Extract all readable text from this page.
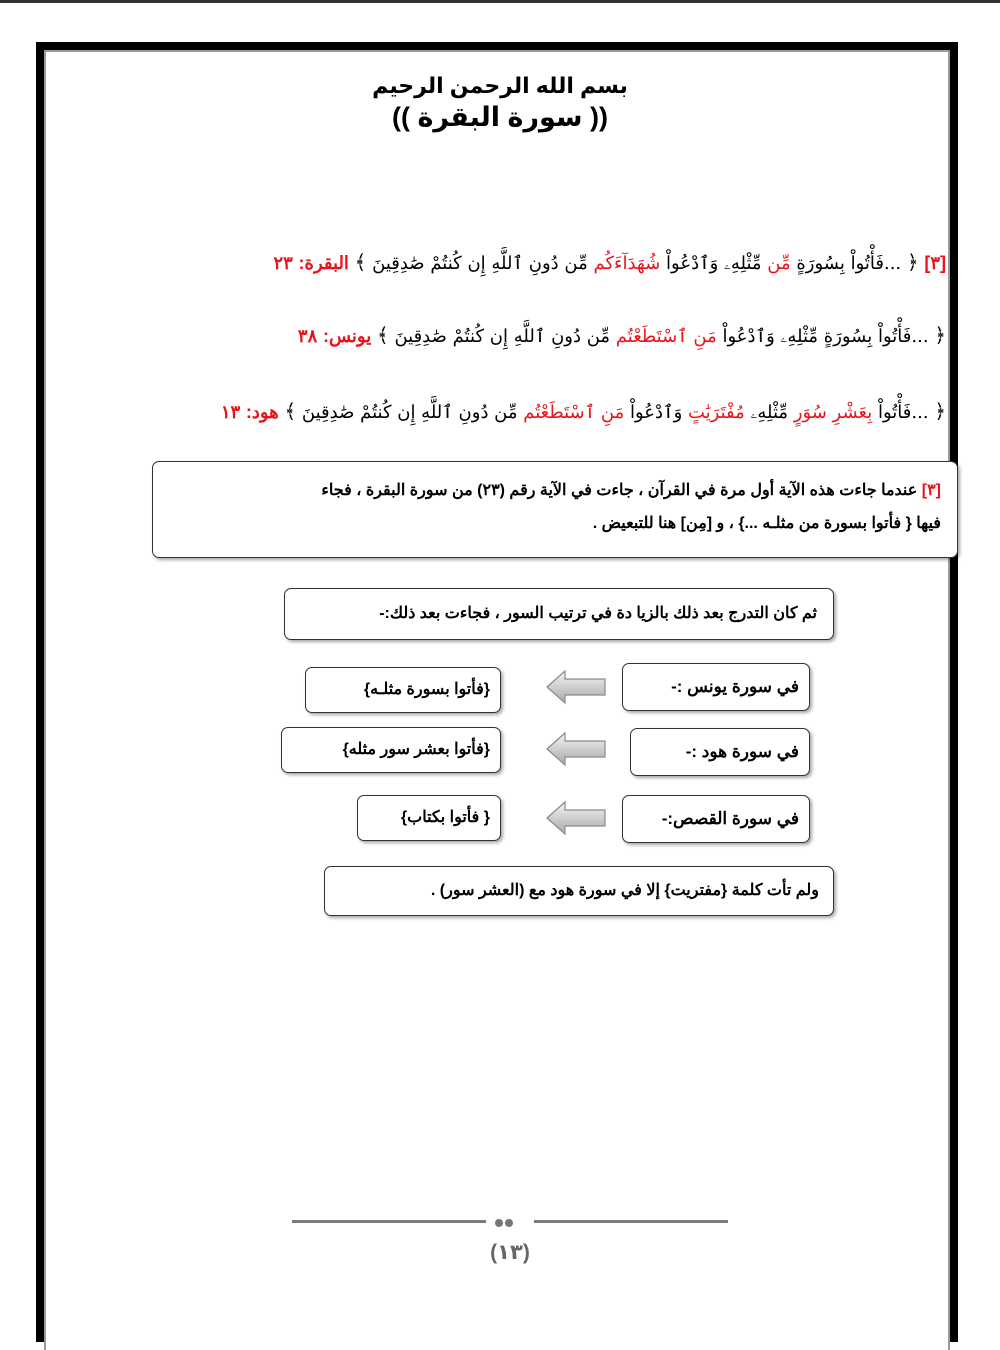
بسم الله الرحمن الرحيم
(( سورة البقرة ))
[٣] ﴿ ...فَأْتُواْ بِسُورَةٍ مِّن مِّثْلِهِۦ وَٱدْعُواْ شُهَدَآءَكُم مِّن دُونِ ٱللَّهِ إِن كُنتُمْ صَٰدِقِينَ ﴾ البقرة: ٢٣
﴿ ...فَأْتُواْ بِسُورَةٍ مِّثْلِهِۦ وَٱدْعُواْ مَنِ ٱسْتَطَعْتُم مِّن دُونِ ٱللَّهِ إِن كُنتُمْ صَٰدِقِينَ ﴾ يونس: ٣٨
﴿ ...فَأْتُواْ بِعَشْرِ سُوَرٍ مِّثْلِهِۦ مُفْتَرَيَٰتٍ وَٱدْعُواْ مَنِ ٱسْتَطَعْتُم مِّن دُونِ ٱللَّهِ إِن كُنتُمْ صَٰدِقِينَ ﴾ هود: ١٣
[٣] عندما جاءت هذه الآية أول مرة في القرآن ، جاءت في الآية رقم (٢٣) من سورة البقرة ، فجاء
فيها { فأتوا بسورة من مثلـه ...} ، و [مِن] هنا للتبعيض .
ثم كان التدرج بعد ذلك بالزيا دة في ترتيب السور ، فجاءت بعد ذلك:-
في سورة يونس :-
{فأتوا بسورة مثلـه}
في سورة هود :-
{فأتوا بعشر سور مثله}
في سورة القصص:-
{ فأتوا بكتاب}
ولم تأت كلمة {مفتريت} إلا في سورة هود مع (العشر سور) .
(١٣)
